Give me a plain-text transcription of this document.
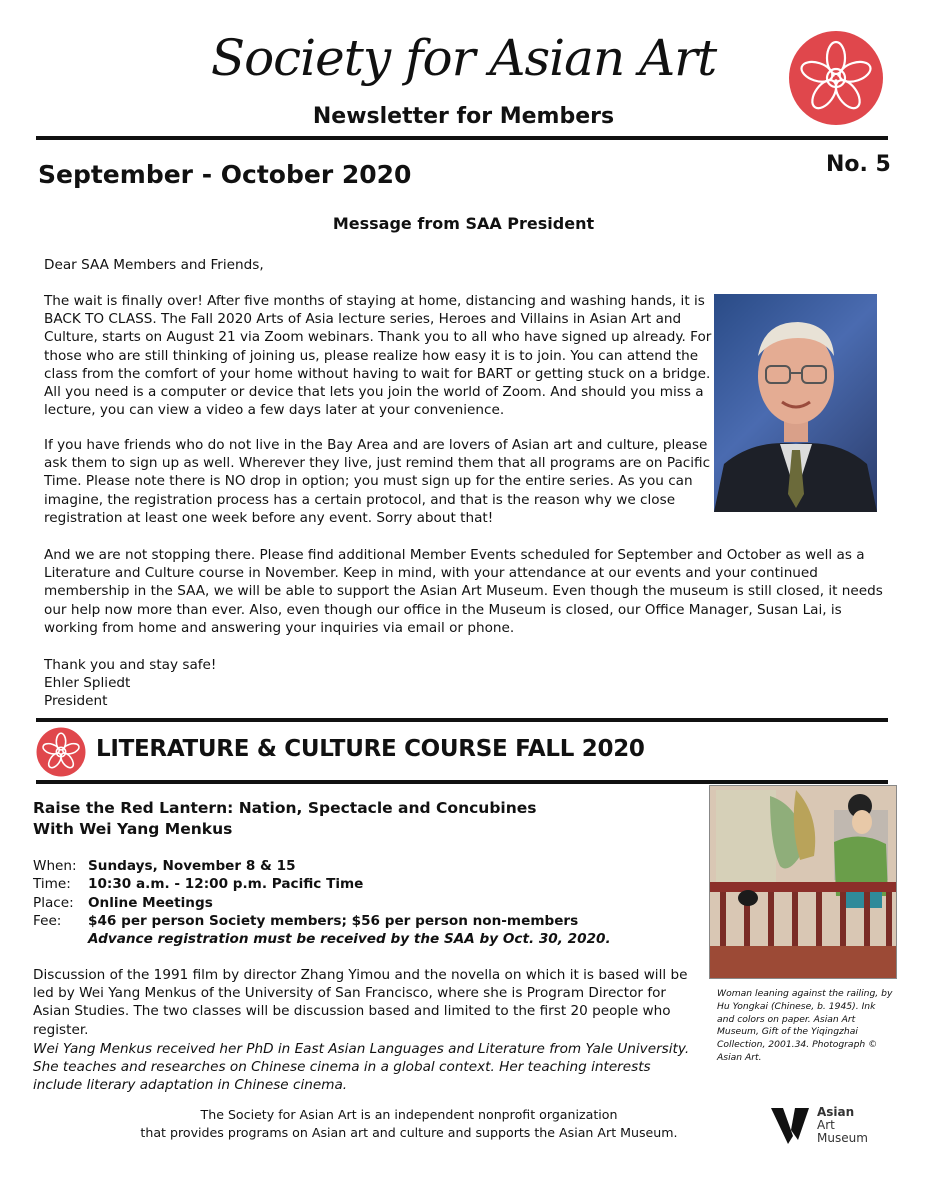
Society for Asian Art
Newsletter for Members
September - October 2020	No. 5
Message from SAA President
Dear SAA Members and Friends,
The wait is finally over! After five months of staying at home, distancing and washing hands, it is BACK TO CLASS. The Fall 2020 Arts of Asia lecture series, Heroes and Villains in Asian Art and Culture, starts on August 21 via Zoom webinars. Thank you to all who have signed up already. For those who are still thinking of joining us, please realize how easy it is to join. You can attend the class from the comfort of your home without having to wait for BART or getting stuck on a bridge. All you need is a computer or device that lets you join the world of Zoom. And should you miss a lecture, you can view a video a few days later at your convenience.
If you have friends who do not live in the Bay Area and are lovers of Asian art and culture, please ask them to sign up as well. Wherever they live, just remind them that all programs are on Pacific Time. Please note there is NO drop in option; you must sign up for the entire series. As you can imagine, the registration process has a certain protocol, and that is the reason why we close registration at least one week before any event. Sorry about that!
And we are not stopping there. Please find additional Member Events scheduled for September and October as well as a Literature and Culture course in November. Keep in mind, with your attendance at our events and your continued membership in the SAA, we will be able to support the Asian Art Museum. Even though the museum is still closed, it needs our help now more than ever. Also, even though our office in the Museum is closed, our Office Manager, Susan Lai, is working from home and answering your inquiries via email or phone.
Thank you and stay safe!
Ehler Spliedt
President
LITERATURE & CULTURE COURSE FALL 2020
Raise the Red Lantern: Nation, Spectacle and Concubines
With Wei Yang Menkus
When: Sundays, November 8 & 15
Time:	10:30 a.m. - 12:00 p.m. Pacific Time
Place:	Online Meetings
Fee:	$46 per person Society members; $56 per person non-members
Advance registration must be received by the SAA by Oct. 30, 2020.
Discussion of the 1991 film by director Zhang Yimou and the novella on which it is based will be led by Wei Yang Menkus of the University of San Francisco, where she is Program Director for Asian Studies. The two classes will be discussion based and limited to the first 20 people who register.
Wei Yang Menkus received her PhD in East Asian Languages and Literature from Yale University. She teaches and researches on Chinese cinema in a global context. Her teaching interests include literary adaptation in Chinese cinema.
Woman leaning against the railing, by Hu Yongkai (Chinese, b. 1945). Ink and colors on paper. Asian Art Museum, Gift of the Yiqingzhai Collection, 2001.34. Photograph © Asian Art.
The Society for Asian Art is an independent nonprofit organization
that provides programs on Asian art and culture and supports the Asian Art Museum.
Asian
Art
Museum
